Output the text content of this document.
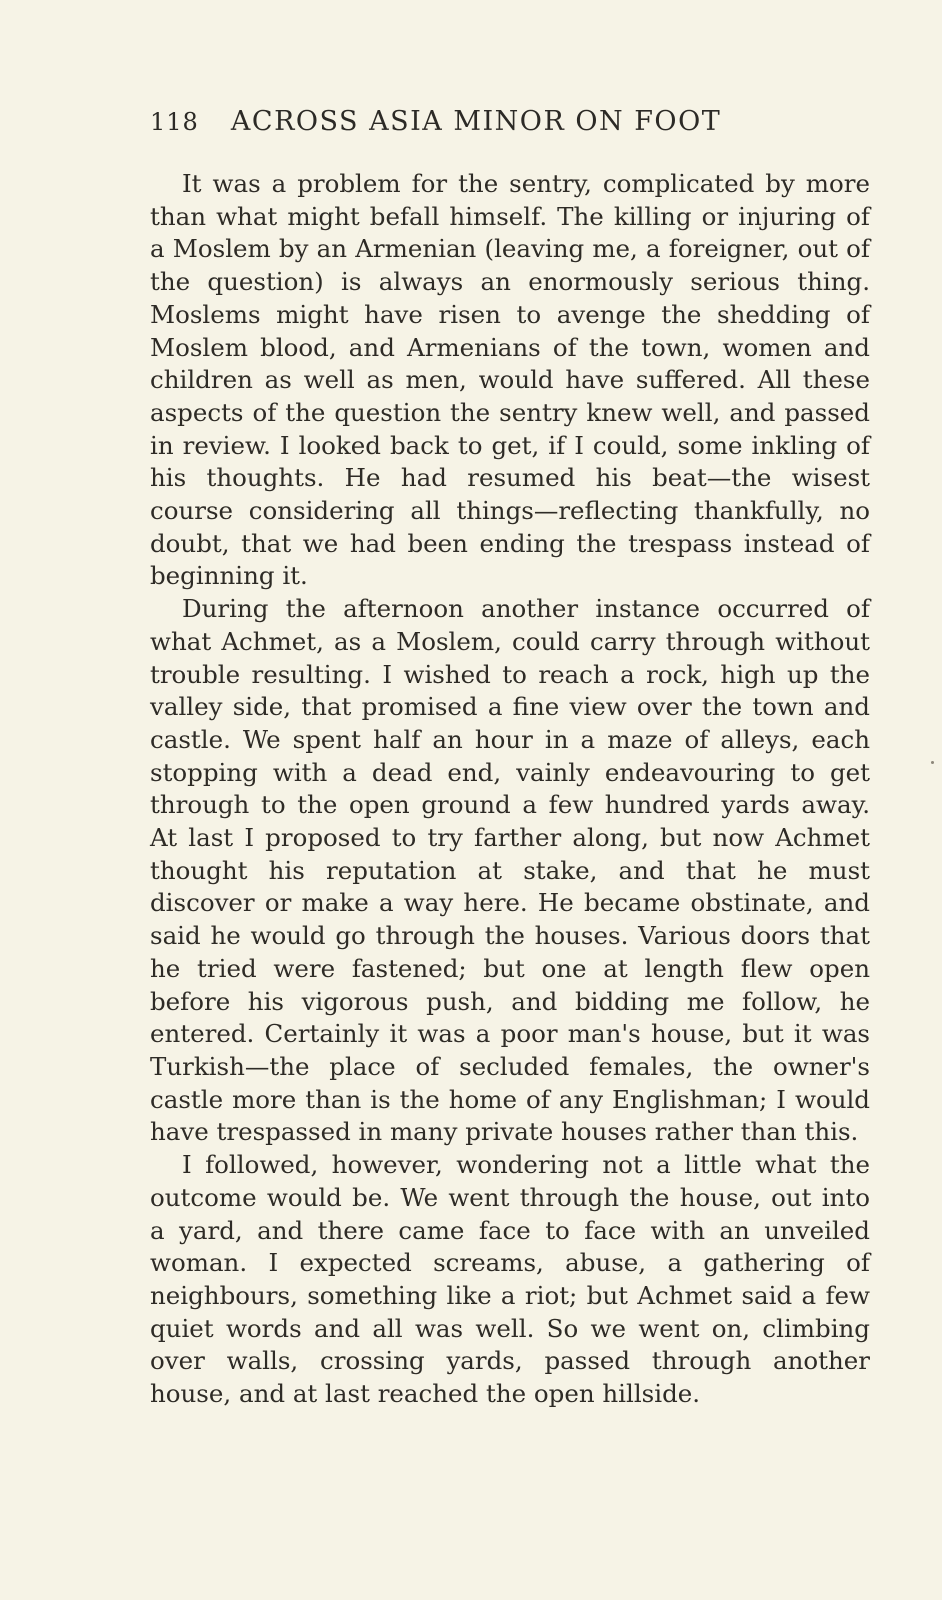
118 ACROSS ASIA MINOR ON FOOT

It was a problem for the sentry, complicated by more than what might befall himself. The killing or injuring of a Moslem by an Armenian (leaving me, a foreigner, out of the question) is always an enormously serious thing. Moslems might have risen to avenge the shedding of Moslem blood, and Armenians of the town, women and children as well as men, would have suffered. All these aspects of the question the sentry knew well, and passed in review. I looked back to get, if I could, some inkling of his thoughts. He had resumed his beat—the wisest course considering all things—reflecting thankfully, no doubt, that we had been ending the trespass instead of beginning it.

During the afternoon another instance occurred of what Achmet, as a Moslem, could carry through without trouble resulting. I wished to reach a rock, high up the valley side, that promised a fine view over the town and castle. We spent half an hour in a maze of alleys, each stopping with a dead end, vainly endeavouring to get through to the open ground a few hundred yards away. At last I proposed to try farther along, but now Achmet thought his reputation at stake, and that he must discover or make a way here. He became obstinate, and said he would go through the houses. Various doors that he tried were fastened; but one at length flew open before his vigorous push, and bidding me follow, he entered. Certainly it was a poor man's house, but it was Turkish—the place of secluded females, the owner's castle more than is the home of any Englishman; I would have trespassed in many private houses rather than this.

I followed, however, wondering not a little what the outcome would be. We went through the house, out into a yard, and there came face to face with an unveiled woman. I expected screams, abuse, a gathering of neighbours, something like a riot; but Achmet said a few quiet words and all was well. So we went on, climbing over walls, crossing yards, passed through another house, and at last reached the open hillside.
